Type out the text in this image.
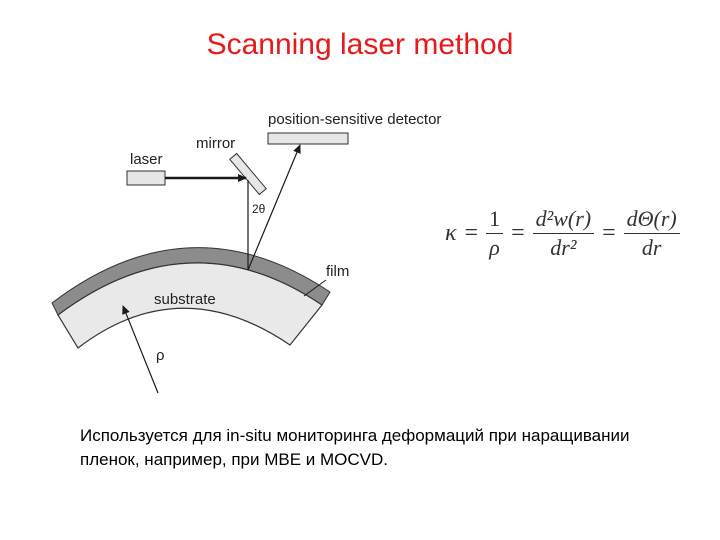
Scanning laser method
laser
mirror
position-sensitive detector
2θ
film
substrate
ρ
$\kappa = \frac{1}{\rho} = \frac{\text{d²w(r)}}{\text{dr²}} = \frac{d\Theta(r)}{dr}$
Используется для in-situ мониторинга деформаций при наращивании пленок, например, при MBE и MOCVD.
